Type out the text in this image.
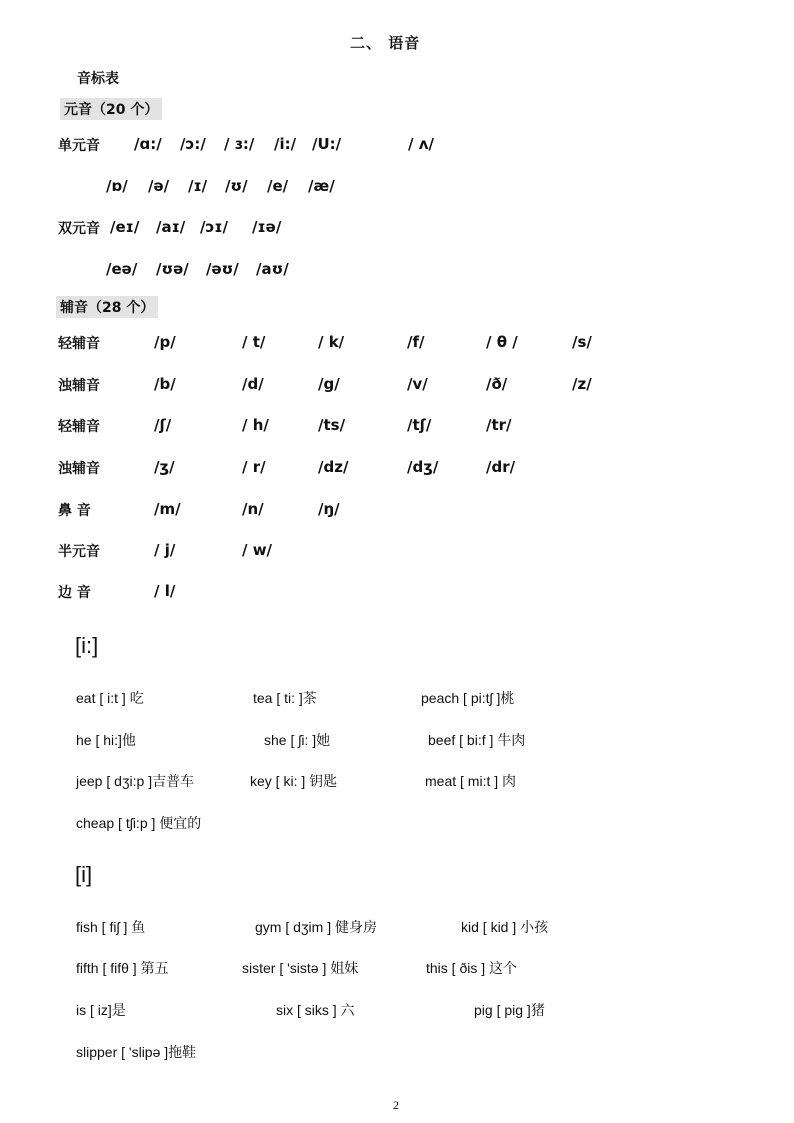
二、 语音
音标表
元音（20 个）
单元音 /ɑ:/ /ɔ:/ / ɜ:/ /i:/ /U:/	/ ʌ/
/ɒ/ /ə/ /ɪ/ /ʊ/ /e/ /æ/
双元音 /eɪ/ /aɪ/ /ɔɪ/ /ɪə/
/eə/ /ʊə/ /əʊ/ /aʊ/
辅音（28 个）
轻辅音	/p/	/ t/	/ k/	/f/	/ θ /	/s/
浊辅音	/b/	/d/	/g/	/v/	/ð/	/z/
轻辅音	/ʃ/	/ h/	/ts/	/tʃ/	/tr/
浊辅音	/ʒ/	/ r/	/dz/	/dʒ/	/dr/
鼻 音	/m/	/n/	/ŋ/
半元音	/ j/	/ w/
边 音	/ l/
[i:]
eat [ i:t ] 吃	tea [ ti: ]茶	peach [ pi:tʃ ]桃
he [ hi:]他	she [ ʃi: ]她	beef [ bi:f ] 牛肉
jeep [ dʒi:p ]吉普车	key [ ki: ] 钥匙	meat [ mi:t ] 肉
cheap [ tʃi:p ] 便宜的
[i]
fish [ fiʃ ] 鱼	gym [ dʒim ] 健身房	kid [ kid ] 小孩
fifth [ fifθ ] 第五	sister [ 'sistə ] 姐妹	this [ ðis ] 这个
is [ iz]是	six [ siks ] 六	pig [ pig ]猪
slipper [ 'slipə ]拖鞋
2
